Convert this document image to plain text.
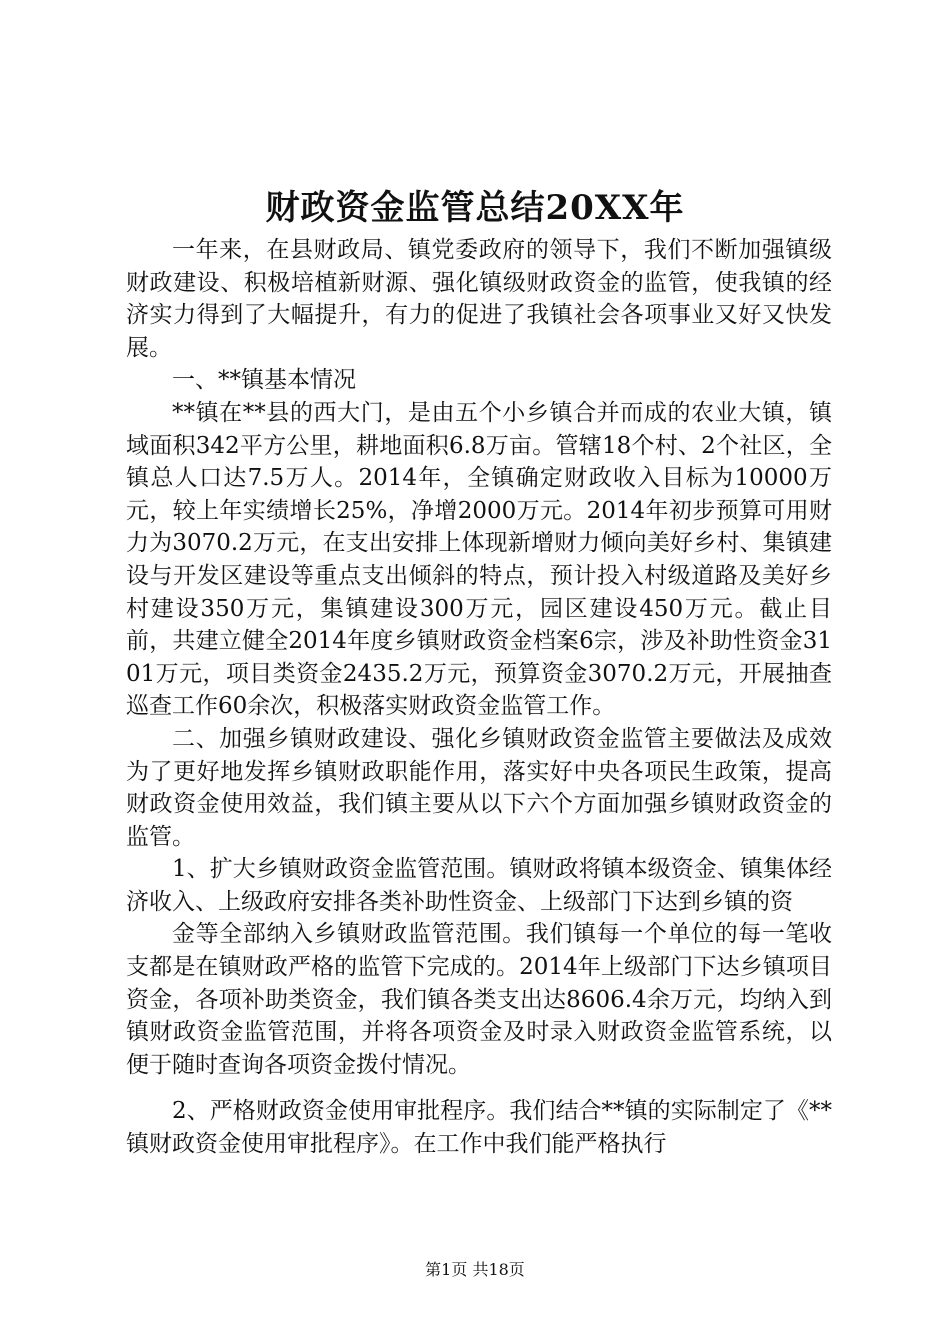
财政资金监管总结20XX年

一年来，在县财政局、镇党委政府的领导下，我们不断加强镇级财政建设、积极培植新财源、强化镇级财政资金的监管，使我镇的经济实力得到了大幅提升，有力的促进了我镇社会各项事业又好又快发展。

一、**镇基本情况

**镇在**县的西大门，是由五个小乡镇合并而成的农业大镇，镇域面积342平方公里，耕地面积6.8万亩。管辖18个村、2个社区，全镇总人口达7.5万人。2014年，全镇确定财政收入目标为10000万元，较上年实绩增长25%，净增2000万元。2014年初步预算可用财力为3070.2万元，在支出安排上体现新增财力倾向美好乡村、集镇建设与开发区建设等重点支出倾斜的特点，预计投入村级道路及美好乡村建设350万元，集镇建设300万元，园区建设450万元。截止目前，共建立健全2014年度乡镇财政资金档案6宗，涉及补助性资金3101万元，项目类资金2435.2万元，预算资金3070.2万元，开展抽查巡查工作60余次，积极落实财政资金监管工作。

二、加强乡镇财政建设、强化乡镇财政资金监管主要做法及成效为了更好地发挥乡镇财政职能作用，落实好中央各项民生政策，提高财政资金使用效益，我们镇主要从以下六个方面加强乡镇财政资金的监管。

1、扩大乡镇财政资金监管范围。镇财政将镇本级资金、镇集体经济收入、上级政府安排各类补助性资金、上级部门下达到乡镇的资

金等全部纳入乡镇财政监管范围。我们镇每一个单位的每一笔收支都是在镇财政严格的监管下完成的。2014年上级部门下达乡镇项目资金，各项补助类资金，我们镇各类支出达8606.4余万元，均纳入到镇财政资金监管范围，并将各项资金及时录入财政资金监管系统，以便于随时查询各项资金拨付情况。

2、严格财政资金使用审批程序。我们结合**镇的实际制定了《**镇财政资金使用审批程序》。在工作中我们能严格执行

第1页 共18页
